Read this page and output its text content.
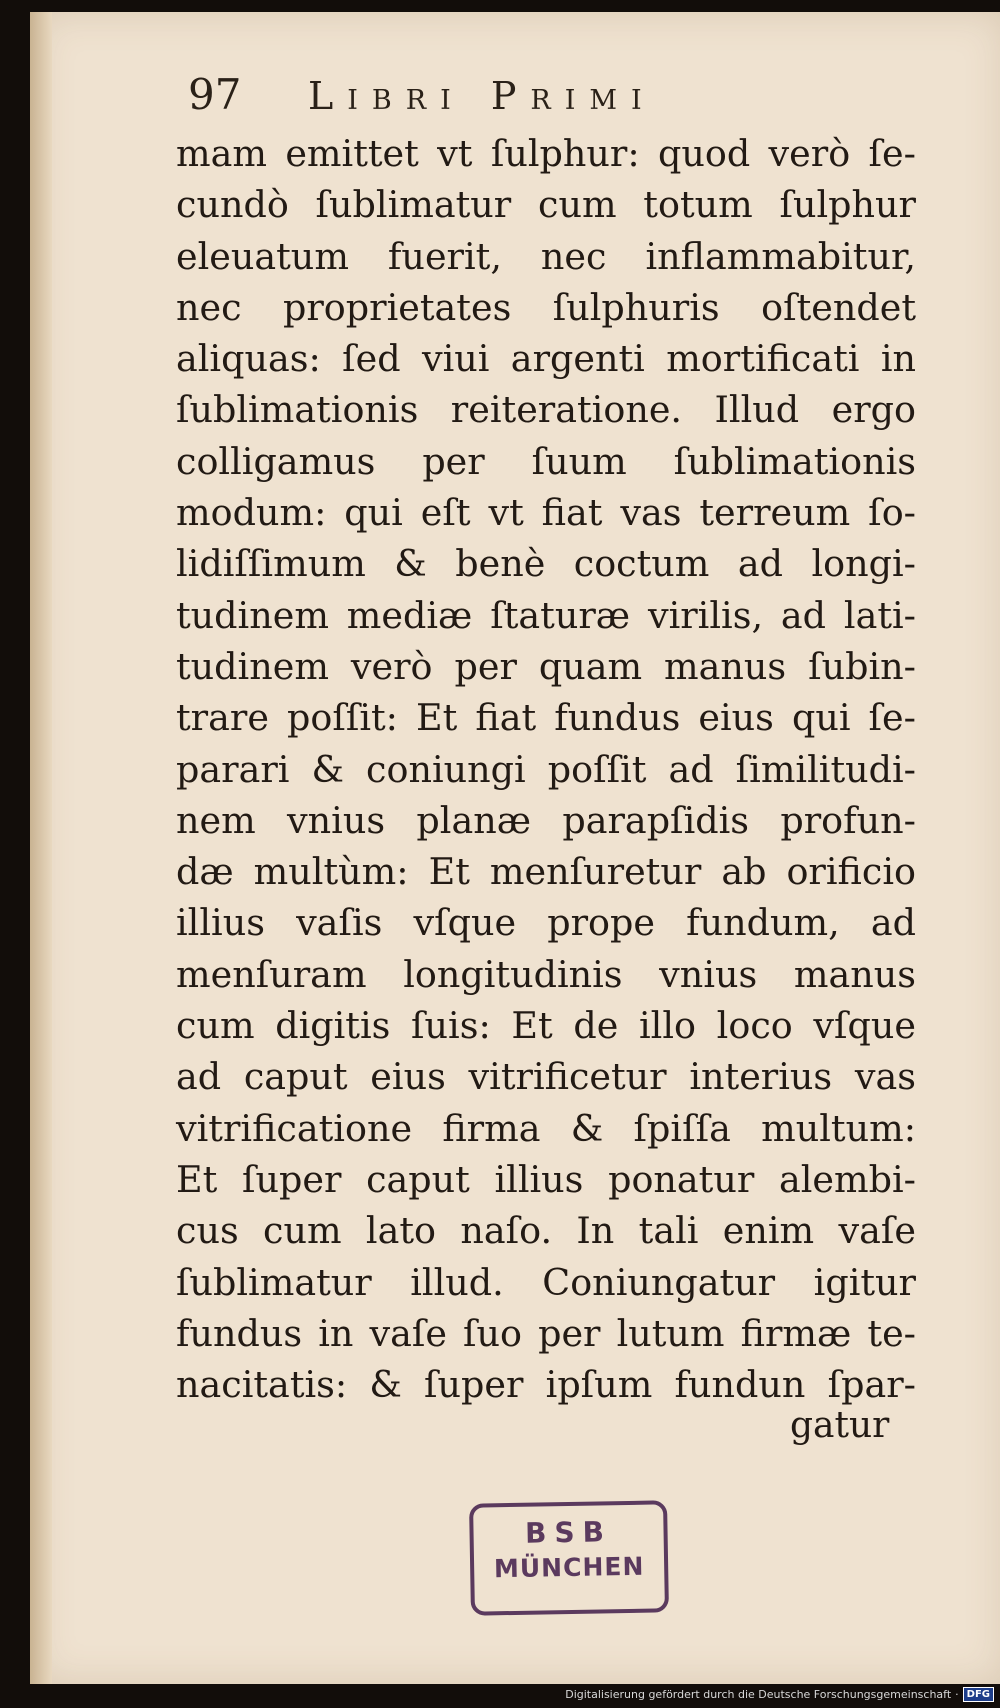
97	Libri Primi
mam emittet vt ſulphur: quod verò ſe-
cundò ſublimatur cum totum ſulphur
eleuatum fuerit, nec inflammabitur,
nec proprietates ſulphuris oſtendet
aliquas: ſed viui argenti mortificati in
ſublimationis reiteratione. Illud ergo
colligamus per ſuum ſublimationis
modum: qui eſt vt fiat vas terreum ſo-
lidiſſimum & benè coctum ad longi-
tudinem mediæ ſtaturæ virilis, ad lati-
tudinem verò per quam manus ſubin-
trare poſſit: Et fiat fundus eius qui ſe-
parari & coniungi poſſit ad ſimilitudi-
nem vnius planæ parapſidis profun-
dæ multùm: Et menſuretur ab orificio
illius vaſis vſque prope fundum, ad
menſuram longitudinis vnius manus
cum digitis ſuis: Et de illo loco vſque
ad caput eius vitrificetur interius vas
vitrificatione firma & ſpiſſa multum:
Et ſuper caput illius ponatur alembi-
cus cum lato naſo. In tali enim vaſe
ſublimatur illud. Coniungatur igitur
fundus in vaſe ſuo per lutum firmæ te-
nacitatis: & ſuper ipſum fundun ſpar-
gatur
BSB
MÜNCHEN
Digitalisierung gefördert durch die Deutsche Forschungsgemeinschaft · DFG
